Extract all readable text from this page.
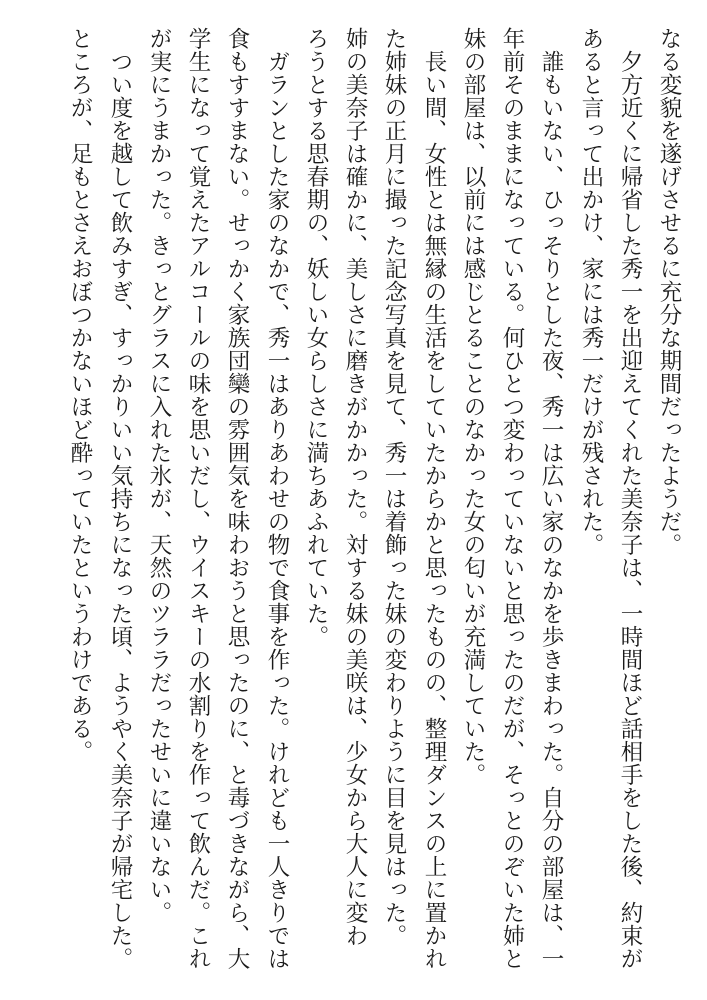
なる変貌を遂げさせるに充分な期間だったようだ。
　夕方近くに帰省した秀一を出迎えてくれた美奈子は、一時間ほど話相手をした後、約束が
あると言って出かけ、家には秀一だけが残された。
　誰もいない、ひっそりとした夜、秀一は広い家のなかを歩きまわった。自分の部屋は、一
年前そのままになっている。何ひとつ変わっていないと思ったのだが、そっとのぞいた姉と
妹の部屋は、以前には感じとることのなかった女の匂いが充満していた。
　長い間、女性とは無縁の生活をしていたからかと思ったものの、整理ダンスの上に置かれ
た姉妹の正月に撮った記念写真を見て、秀一は着飾った妹の変わりように目を見はった。
姉の美奈子は確かに、美しさに磨きがかかった。対する妹の美咲は、少女から大人に変わ
ろうとする思春期の、妖しい女らしさに満ちあふれていた。
　ガランとした家のなかで、秀一はありあわせの物で食事を作った。けれども一人きりでは
食もすすまない。せっかく家族団欒の雰囲気を味わおうと思ったのに、と毒づきながら、大
学生になって覚えたアルコールの味を思いだし、ウイスキーの水割りを作って飲んだ。これ
が実にうまかった。きっとグラスに入れた氷が、天然のツララだったせいに違いない。
　つい度を越して飲みすぎ、すっかりいい気持ちになった頃、ようやく美奈子が帰宅した。
ところが、足もとさえおぼつかないほど酔っていたというわけである。
